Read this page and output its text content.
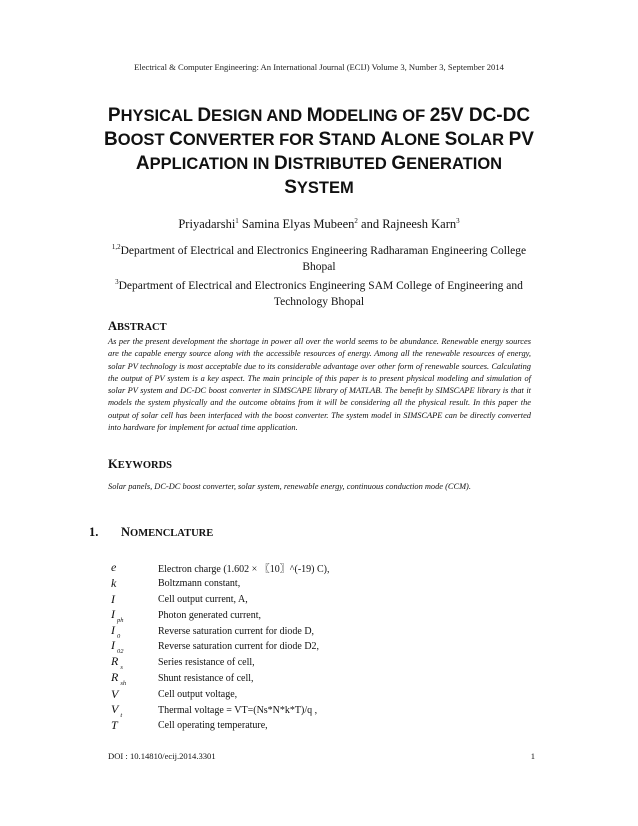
Electrical & Computer Engineering: An International Journal (ECIJ) Volume 3, Number 3, September 2014
PHYSICAL DESIGN AND MODELING OF 25V DC-DC
BOOST CONVERTER FOR STAND ALONE SOLAR PV
APPLICATION IN DISTRIBUTED GENERATION
SYSTEM
Priyadarshi$^1$ Samina Elyas Mubeen$^2$ and Rajneesh Karn$^3$
$^{1,2}$Department of Electrical and Electronics Engineering Radharaman Engineering College Bhopal
$^3$Department of Electrical and Electronics Engineering SAM College of Engineering and Technology Bhopal
ABSTRACT
As per the present development the shortage in power all over the world seems to be abundance. Renewable energy sources are the capable energy source along with the accessible resources of energy. Among all the renewable resources of energy, solar PV technology is most acceptable due to its considerable advantage over other form of renewable sources. Calculating the output of PV system is a key aspect. The main principle of this paper is to present physical modeling and simulation of solar PV system and DC-DC boost converter in SIMSCAPE library of MATLAB. The benefit by SIMSCAPE library is that it models the system physically and the outcome obtains from it will be considering all the physical result. In this paper the output of solar cell has been interfaced with the boost converter. The system model in SIMSCAPE can be directly converted into hardware for implement for actual time application.
KEYWORDS
Solar panels, DC-DC boost converter, solar system, renewable energy, continuous conduction mode (CCM).
1. NOMENCLATURE
e	Electron charge (1.602 × 〖10〗^(-19) C),
k	Boltzmann constant,
I	Cell output current, A,
I $_{ph}$	Photon generated current,
I $_0$	Reverse saturation current for diode D,
I $_{02}$	Reverse saturation current for diode D2,
R $_s$	Series resistance of cell,
R $_{sh}$	Shunt resistance of cell,
V	Cell output voltage,
V $_t$	Thermal voltage = VT=(Ns*N*k*T)/q ,
T	Cell operating temperature,
DOI : 10.14810/ecij.2014.3301	1
